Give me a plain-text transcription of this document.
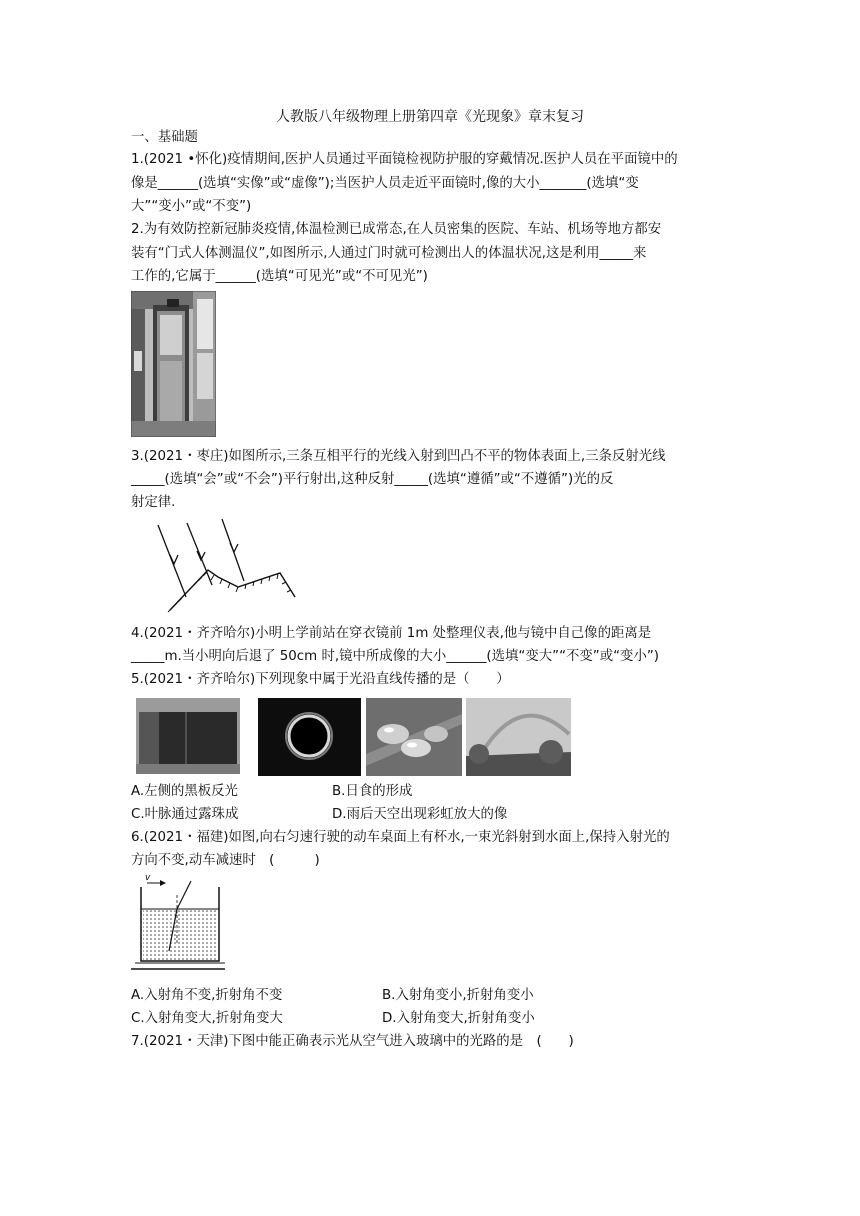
人教版八年级物理上册第四章《光现象》章末复习
一、基础题
1.(2021 •怀化)疫情期间,医护人员通过平面镜检视防护服的穿戴情况.医护人员在平面镜中的
像是______(选填“实像”或“虚像”);当医护人员走近平面镜时,像的大小_______(选填“变
大”“变小”或“不变”)
2.为有效防控新冠肺炎疫情,体温检测已成常态,在人员密集的医院、车站、机场等地方都安
装有“门式人体测温仪”,如图所示,人通过门时就可检测出人的体温状况,这是利用_____来
工作的,它属于______(选填“可见光”或“不可见光”)
3.(2021・枣庄)如图所示,三条互相平行的光线入射到凹凸不平的物体表面上,三条反射光线
_____(选填“会”或“不会”)平行射出,这种反射_____(选填“遵循”或“不遵循”)光的反
射定律.
4.(2021・齐齐哈尔)小明上学前站在穿衣镜前 1m 处整理仪表,他与镜中自己像的距离是
_____m.当小明向后退了 50cm 时,镜中所成像的大小______(选填“变大”“不变”或“变小”)
5.(2021・齐齐哈尔)下列现象中属于光沿直线传播的是（　　）
A.左侧的黑板反光	B.日食的形成
C.叶脉通过露珠成	D.雨后天空出现彩虹放大的像
6.(2021・福建)如图,向右匀速行驶的动车桌面上有杯水,一束光斜射到水面上,保持入射光的
方向不变,动车减速时　(　　　)
v
A.入射角不变,折射角不变	B.入射角变小,折射角变小
C.入射角变大,折射角变大	D.入射角变大,折射角变小
7.(2021・天津)下图中能正确表示光从空气进入玻璃中的光路的是　(　　)
